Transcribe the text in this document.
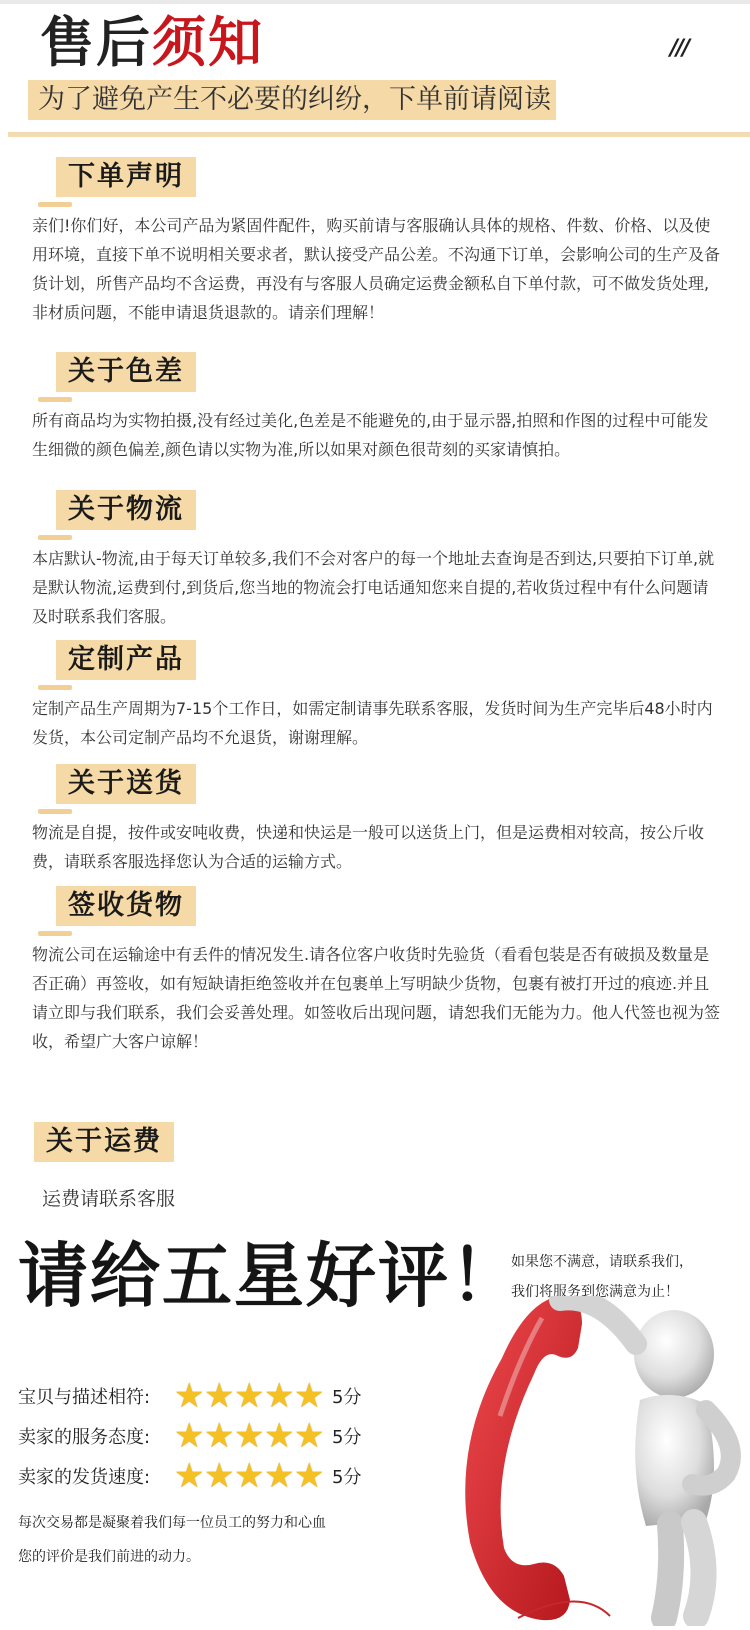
售后须知	///
为了避免产生不必要的纠纷，下单前请阅读
下单声明

亲们!你们好，本公司产品为紧固件配件，购买前请与客服确认具体的规格、件数、价格、以及使用环境，直接下单不说明相关要求者，默认接受产品公差。不沟通下订单，会影响公司的生产及备货计划，所售产品均不含运费，再没有与客服人员确定运费金额私自下单付款，可不做发货处理,非材质问题，不能申请退货退款的。请亲们理解！

关于色差

所有商品均为实物拍摄,没有经过美化,色差是不能避免的,由于显示器,拍照和作图的过程中可能发生细微的颜色偏差,颜色请以实物为准,所以如果对颜色很苛刻的买家请慎拍。

关于物流

本店默认-物流,由于每天订单较多,我们不会对客户的每一个地址去查询是否到达,只要拍下订单,就是默认物流,运费到付,到货后,您当地的物流会打电话通知您来自提的,若收货过程中有什么问题请及时联系我们客服。

定制产品

定制产品生产周期为7-15个工作日，如需定制请事先联系客服，发货时间为生产完毕后48小时内发货，本公司定制产品均不允退货，谢谢理解。

关于送货

物流是自提，按件或安吨收费，快递和快运是一般可以送货上门，但是运费相对较高，按公斤收费，请联系客服选择您认为合适的运输方式。

签收货物

物流公司在运输途中有丢件的情况发生.请各位客户收货时先验货（看看包装是否有破损及数量是否正确）再签收，如有短缺请拒绝签收并在包裹单上写明缺少货物，包裹有被打开过的痕迹.并且请立即与我们联系，我们会妥善处理。如签收后出现问题，请恕我们无能为力。他人代签也视为签收，希望广大客户谅解！

关于运费
运费请联系客服
请给五星好评！
如果您不满意，请联系我们，
我们将服务到您满意为止！
宝贝与描述相符: ★ ★ ★ ★ ★ 5分
卖家的服务态度: ★ ★ ★ ★ ★ 5分
卖家的发货速度: ★ ★ ★ ★ ★ 5分
每次交易都是凝聚着我们每一位员工的努力和心血
您的评价是我们前进的动力。
